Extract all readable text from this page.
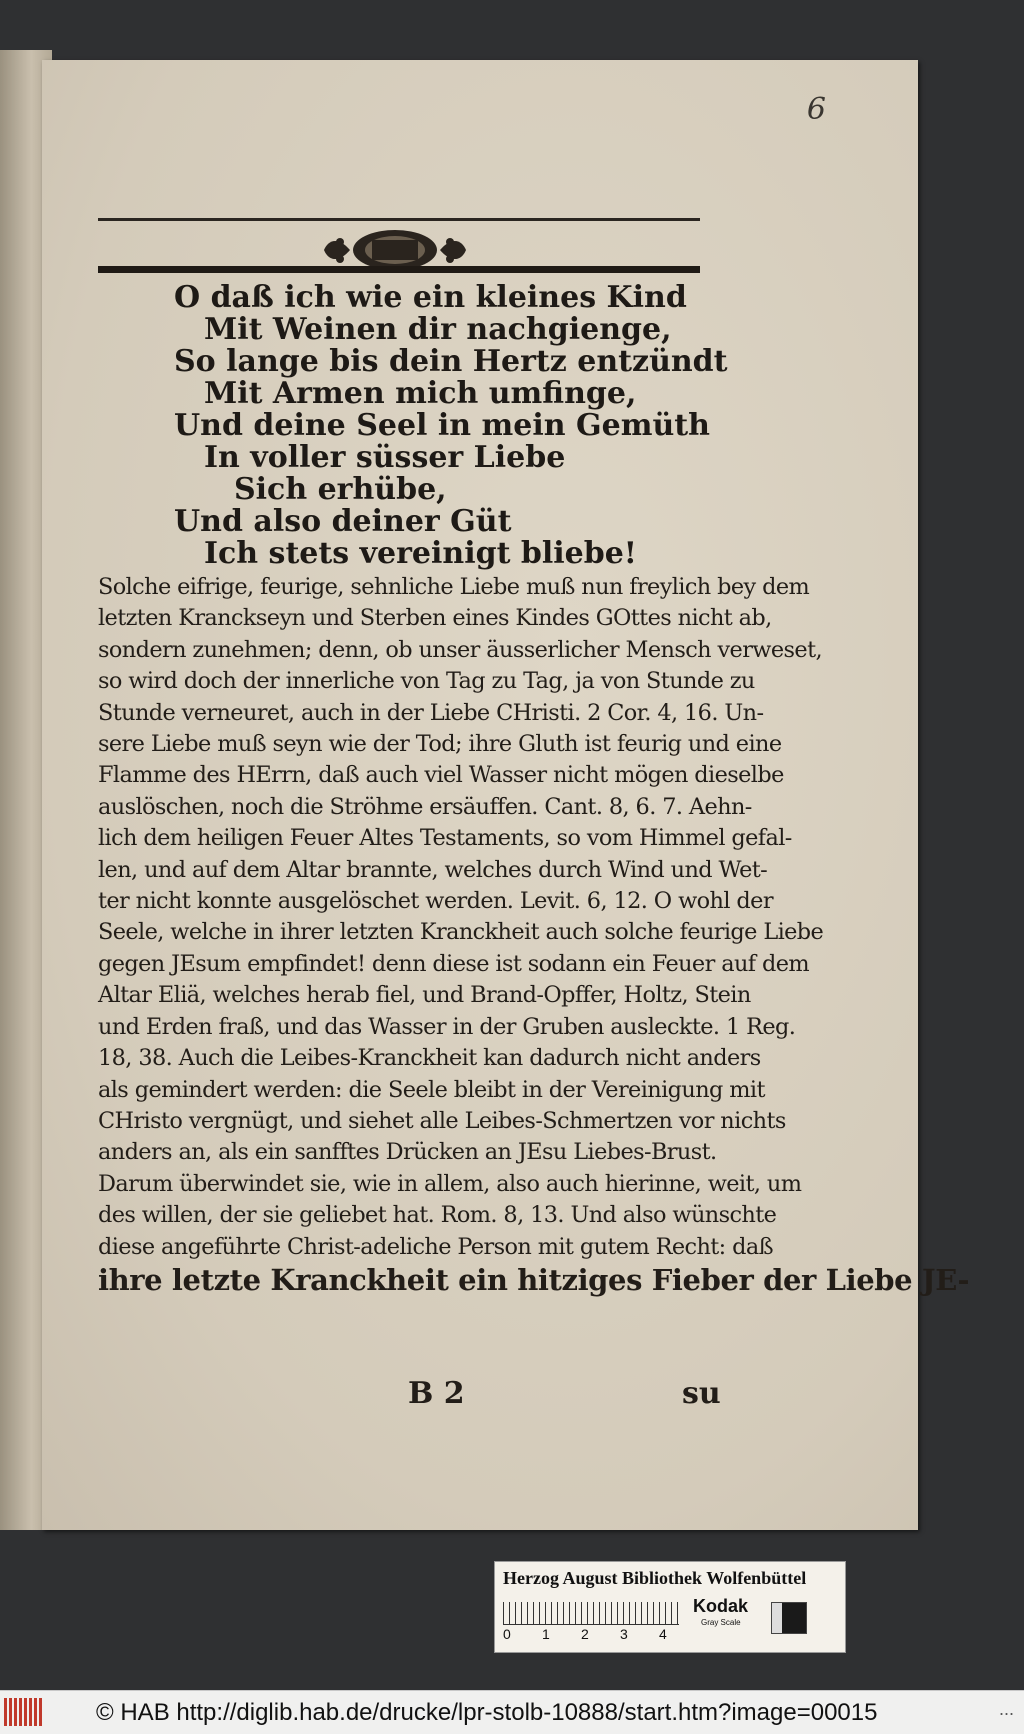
6
O daß ich wie ein kleines Kind
Mit Weinen dir nachgienge,
So lange bis dein Hertz entzündt
Mit Armen mich umfinge,
Und deine Seel in mein Gemüth
In voller süsser Liebe
Sich erhübe,
Und also deiner Güt
Ich stets vereinigt bliebe!
Solche eifrige, feurige, sehnliche Liebe muß nun freylich bey dem
letzten Kranckseyn und Sterben eines Kindes GOttes nicht ab,
sondern zunehmen; denn, ob unser äusserlicher Mensch verweset,
so wird doch der innerliche von Tag zu Tag, ja von Stunde zu
Stunde verneuret, auch in der Liebe CHristi. 2 Cor. 4, 16. Un-
sere Liebe muß seyn wie der Tod; ihre Gluth ist feurig und eine
Flamme des HErrn, daß auch viel Wasser nicht mögen dieselbe
auslöschen, noch die Ströhme ersäuffen. Cant. 8, 6. 7. Aehn-
lich dem heiligen Feuer Altes Testaments, so vom Himmel gefal-
len, und auf dem Altar brannte, welches durch Wind und Wet-
ter nicht konnte ausgelöschet werden. Levit. 6, 12. O wohl der
Seele, welche in ihrer letzten Kranckheit auch solche feurige Liebe
gegen JEsum empfindet! denn diese ist sodann ein Feuer auf dem
Altar Eliä, welches herab fiel, und Brand-Opffer, Holtz, Stein
und Erden fraß, und das Wasser in der Gruben ausleckte. 1 Reg.
18, 38. Auch die Leibes-Kranckheit kan dadurch nicht anders
als gemindert werden: die Seele bleibt in der Vereinigung mit
CHristo vergnügt, und siehet alle Leibes-Schmertzen vor nichts
anders an, als ein sanfftes Drücken an JEsu Liebes-Brust.
Darum überwindet sie, wie in allem, also auch hierinne, weit, um
des willen, der sie geliebet hat. Rom. 8, 13. Und also wünschte
diese angeführte Christ-adeliche Person mit gutem Recht: daß
ihre letzte Kranckheit ein hitziges Fieber der Liebe JE-
B 2	su
Herzog August Bibliothek Wolfenbüttel
0 1 2 3 4
Kodak
Gray Scale
© HAB http://diglib.hab.de/drucke/lpr-stolb-10888/start.htm?image=00015	...
